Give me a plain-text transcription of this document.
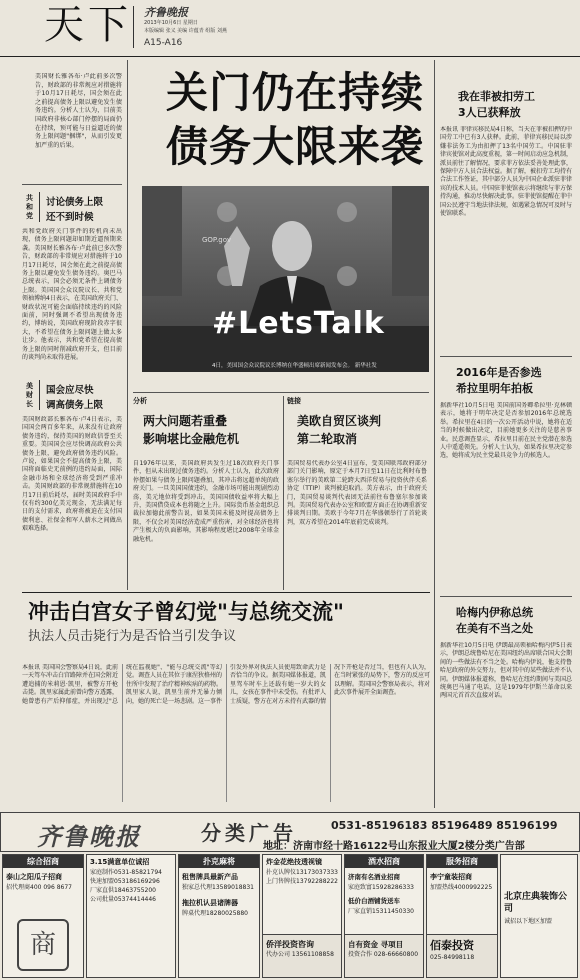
天下 齐鲁晚报
2013年10月6日 星期日
本版编辑 张义 美编 许蕴青 组版 刘燕
A15-A16
美国财长雅各布·卢此前多次警告，财政部的非常规应对措施将于10月17日耗尽，国会须在此之前提高债务上限以避免发生债务违约。分析人士认为，目前美国政府非核心部门停摆的局面仍在持续，预可能与日益逼近的债务上限问题"捆绑"，从而引发更加严重的后果。
共和党
讨论债务上限
还不到时候
共和党政府关门事件的转机尚未出现，债务上限问题却如期近逼预期来袭。美国财长雅各布·卢此前已多次警告，财政部的非常规应对措施将于10月17日耗尽，国会须在此之前提高债务上限以避免发生债务违约。奥巴马总统表示，国会必须无条件上调债务上限。美国国会众议院议长、共和党领袖博纳4日表示，在美国政府关门、财政状况可能会面临持续违约的风险面前，同时强调不希望出现债务违约，博纳说，美国政府现阶段赤字很大，不希望在债务上限问题上做太多让步。他表示，共和党希望在提高债务上限的同时削减政府开支，但目前的谈判尚未取得进展。
美财长
国会应尽快
调高债务上限
美国财政部长雅各布·卢4日表示，美国国会两百多年来，从来没有让政府债务违约，保持美国的财政信誉至关重要。美国国会应尽快调高政府公共债务上限，避免政府债务违约风险。卢说，如果国会不提高债务上限，美国将面临史无前例的违约局面，国际金融市场和全球经济将受到严重冲击。美国财政部的非常规措施将在10月17日前后耗尽，届时美国政府手中仅有约300亿美元现金，无法满足每日的支付需求，政府将被迫在支付国债利息、社保金和军人薪水之间做出艰难选择。
关门仍在持续
债务大限来袭
GOP.gov
#LetsTalk
4日，美国国会众议院议长博纳在华盛顿出席新闻发布会。 新华社发
分析
两大问题若重叠
影响堪比金融危机
自1976年以来，美国政府共发生过18次政府关门事件，但从未出现过债务违约。分析人士认为，此次政府停摆如果与债务上限问题叠加，其冲击将远超单纯的政府关门。一旦美国国债违约，金融市场可能出现剧烈动荡，美元地位将受到冲击，美国国债收益率将大幅上升，美国借贷成本也将随之上升。国际货币基金组织总裁拉加德此前警告说，如果美国未能及时提高债务上限，不仅会对美国经济造成严重伤害，对全球经济也将产生极大的负面影响，其影响程度堪比2008年全球金融危机。
链接
美欧自贸区谈判
第二轮取消
美国贸易代表办公室4日宣布，受美国联邦政府部分部门关门影响，原定于本月7日至11日在比利时布鲁塞尔举行的美欧第二轮跨大西洋贸易与投资伙伴关系协定（TTIP）谈判被迫取消。美方表示，由于政府关门，美国贸易谈判代表团无法前往布鲁塞尔参加谈判。美国贸易代表办公室和欧盟方面正在协调重新安排谈判日期。美欧于今年7月在华盛顿举行了首轮谈判，双方希望在2014年底前完成谈判。
冲击白宫女子曾幻觉"与总统交流"
执法人员击毙行为是否恰当引发争议
本报讯 美国国会警察局4日说，此前一天驾车冲击白宫路障并在国会附近遭追捕的米莉恩·凯里，被警方开枪击毙。凯里家属此前曾向警方透露，她曾患有产后抑郁症，并出现过"总统在监视她"、"能与总统交流"等幻觉。调查人员在其位于康涅狄格州的住所中发现了治疗精神疾病的药物。凯里家人说，凯里生前并无暴力倾向，她的死亡是一场悲剧。这一事件引发外界对执法人员使用致命武力是否恰当的争议。据美国媒体报道，凯里驾车时车上还载有她一岁大的女儿，女孩在事件中未受伤。有批评人士质疑，警方在对方未持有武器的情况下开枪是否过当，但也有人认为，在当时紧张的局势下，警方的反应可以理解。美国国会警察局表示，将对此次事件展开全面调查。
我在菲被扣劳工
3人已获释放
本报讯 菲律宾移民局4日称，当天在菲被扣押的中国劳工中已有3人获释。此前，菲律宾移民局以涉嫌非法务工为由扣押了13名中国劳工。中国驻菲律宾使馆对此高度重视，第一时间启动应急机制，派员前往了解情况，要求菲方依法妥善处理此事，保障中方人员合法权益。据了解，被扣劳工均持有合法工作签证，其中部分人员为中国企业派驻菲律宾的技术人员。中国驻菲使馆表示将继续与菲方保持沟通，推动尽快解决此事。驻菲使馆提醒在菲中国公民遵守当地法律法规，如遇紧急情况可及时与使馆联系。
2016年是否参选
希拉里明年拍板
据新华社10月5日电 美国前国务卿希拉里·克林顿表示，她将于明年决定是否参加2016年总统选举。希拉里在4日的一次公开活动中说，她将在适当的时候做出决定，目前她更多关注的是慈善事业。民意调查显示，希拉里目前在民主党潜在参选人中遥遥领先。分析人士认为，如果希拉里决定参选，她将成为民主党最具竞争力的候选人。
哈梅内伊称总统
在美有不当之处
据新华社10月5日电 伊朗最高领袖哈梅内伊5日表示，伊朗总统鲁哈尼在美国纽约出席联合国大会期间的一些做法有不当之处。哈梅内伊说，他支持鲁哈尼政府的外交努力，但对其中的某些做法并不认同。伊朗媒体报道称，鲁哈尼在纽约期间与美国总统奥巴马通了电话，这是1979年伊斯兰革命以来两国元首首次直接对话。
齐鲁晚报	分类广告	0531-85196183 85196489 85196199
地址：济南市经十路16122号山东报业大厦2楼分类广告部
综合招商
泰山之阳瓜子招商
招代理商400 096 8677
商
3.15满意单位诚招
家庭制作0531-85821794
快速加盟053186169296
厂家直供18463755200
公司批量05374414446
扑克麻将
租售牌具最新产品
独家总代理13589018831
拖拉机认县诸牌器
牌桌代理18280025880
炸金花绝技透视镜
扑克认牌仪13173037333
上门售牌技13792288222
酒水招商
济南有名酒业招商
家庭致富15928286333
低价白酒铺货送车
厂家直销15311450330
服务招商
李宁童装招商
加盟热线4000992225
侨洋投资咨询
代办公司 13561108858
自有资金 寻项目
投资合作 028-66660800
佰泰投资
025-84998118
北京庄典装饰公司
诚招以下地区加盟
